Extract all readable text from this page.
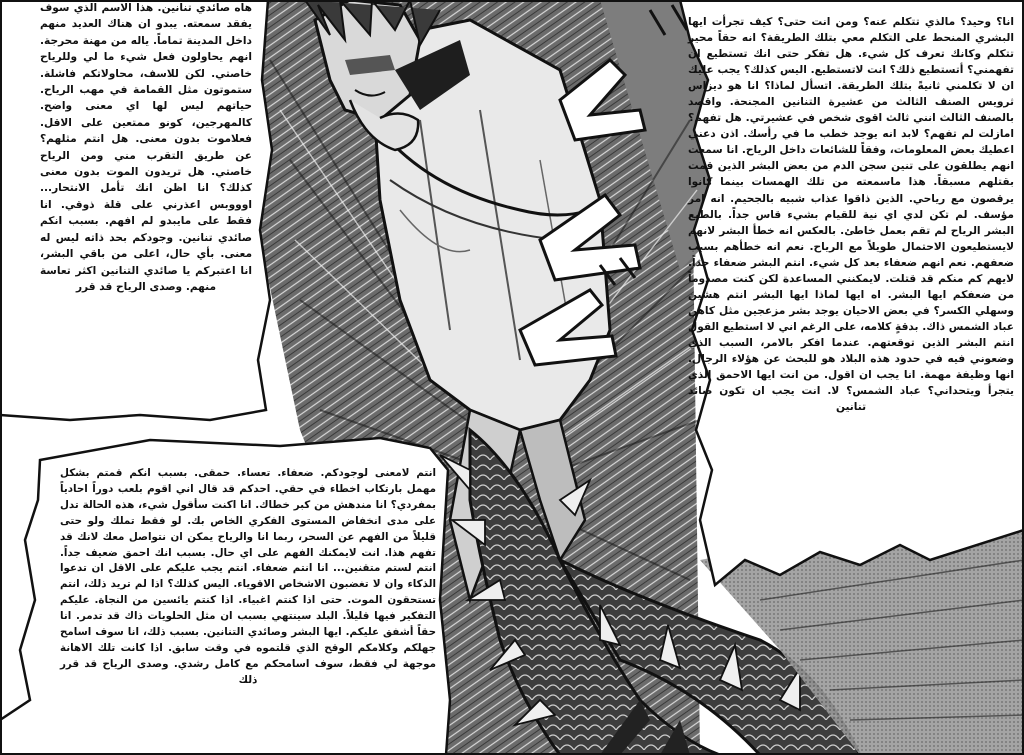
انا؟ وحيد؟ مالذي تتكلم عنه؟ ومن انت حتى؟ كيف تجرأت ايها البشري المنحط على التكلم معي بتلك الطريقة؟ انه حقاً محير تتكلم وكانك تعرف كل شيء. هل تفكر حتى انك تستطيع ان تفهمني؟ أتستطيع ذلك؟ انت لاتستطيع. اليس كذلك؟ يجب عليك ان لا تكلمني ثانيةً بتلك الطريقة. اتسأل لماذا؟ انا هو ديزاس ثرويس الصنف الثالث من عشيرة التنانين المجنحة. واقصد بالصنف الثالث انني ثالث اقوى شخص في عشيرتي. هل تفهم؟ امازلت لم تفهم؟ لابد انه يوجد خطب ما في رأسك. اذن دعني اعطيك بعض المعلومات، وفقاً للشائعات داخل الرياح. انا سمعت انهم يطلقون على تنين سجن الدم من بعض البشر الذين قمت بقتلهم مسبقاً. هذا ماسمعته من تلك الهمسات بينما كانوا يرقصون مع رياحي. الذين ذاقوا عذاب شبيه بالجحيم. انه امر مؤسف. لم تكن لدي اي نية للقيام بشيء قاس جداً. بالطبع البشر الرياح لم تقم بعمل خاطئ. بالعكس انه خطأ البشر لانهم لايستطيعون الاحتمال طويلاً مع الرياح. نعم انه خطأهم بسبب ضعفهم. نعم انهم ضعفاء بعد كل شيء. انتم البشر ضعفاء جداً. لايهم كم منكم قد قتلت. لايمكنني المساعدة لكن كنت مصدوماً من ضعفكم ايها البشر. اه ايها لماذا ايها البشر انتم هشين وسهلي الكسر؟ في بعض الاحيان يوجد بشر مزعجين مثل كاهن عباد الشمس ذاك. بدقةٍ كلامه، على الرغم اني لا استطيع القول انتم البشر الذين توقعتهم. عندما افكر بالامر، السبب الذي وضعوني فيه في حدود هذه البلاد هو للبحث عن هؤلاء الرجال. انها وظيفة مهمة. انا يجب ان اقول. من انت ايها الاحمق الذي يتجرأ ويتحداني؟ عباد الشمس؟ لا. انت يجب ان تكون صائد تنانين
هاه صائدي تنانين. هذا الاسم الذي سوف يفقد سمعته. يبدو ان هناك العديد منهم داخل المدينة تماماً. ياله من مهنة محرجة. انهم يحاولون فعل شيء ما لي وللرياح خاصتي. لكن للاسف، محاولاتكم فاشلة. ستموتون مثل القمامة في مهب الرياح. حياتهم ليس لها اي معنى واضح. كالمهرجين، كونو ممتعين على الاقل. فعلاموت بدون معنى. هل انتم مثلهم؟ عن طريق التقرب مني ومن الرياح خاصتي. هل تريدون الموت بدون معنى كذلك؟ انا اظن انك تأمل الانتحار... اوووبس اعذرني على قلة ذوقي. انا فقط على مايبدو لم افهم. بسبب انكم صائدي تنانين. وجودكم بحد ذاته ليس له معنى. بأي حال، اعلى من باقي البشر، انا اعتبركم يا صائدي التنانين اكثر تعاسة منهم. وصدى الرياح قد قرر
انتم لامعنى لوجودكم. ضعفاء. تعساء. حمقى. بسبب انكم قمتم بشكل مهمل بارتكاب اخطاء في حقي. احدكم قد قال اني اقوم بلعب دوراً احادياً بمفردي؟ انا مندهش من كبر خطاك. انا اكنت سأقول شيء، هذه الحالة تدل على مدى انخفاض المستوى الفكري الخاص بك. لو فقط تملك ولو حتى قليلاً من الفهم عن السحر، ربما انا والرياح يمكن ان نتواصل معك لانك قد تفهم هذا. انت لايمكنك الفهم على اي حال. بسبب انك احمق ضعيف جداً. انتم لستم متقنين... انا انتم ضعفاء. انتم يجب عليكم على الاقل ان تدعوا الذكاء وان لا تغضبون الاشخاص الاقوياء. اليس كذلك؟ اذا لم تريد ذلك، انتم تستحقون الموت. حتى اذا كنتم اغبياء. اذا كنتم يائسين من النجاة. عليكم التفكير فيها قليلاً. البلد سينتهي بسبب ان مثل الحلويات ذاك قد تدمر. انا حقاً أشفق عليكم. ايها البشر وصائدي التنانين. بسبب ذلك، انا سوف اسامح جهلكم وكلامكم الوقح الذي قلتموه في وقت سابق. اذا كانت تلك الاهانة موجهة لي فقط، سوف اسامحكم مع كامل رشدي. وصدى الرياح قد قرر ذلك
